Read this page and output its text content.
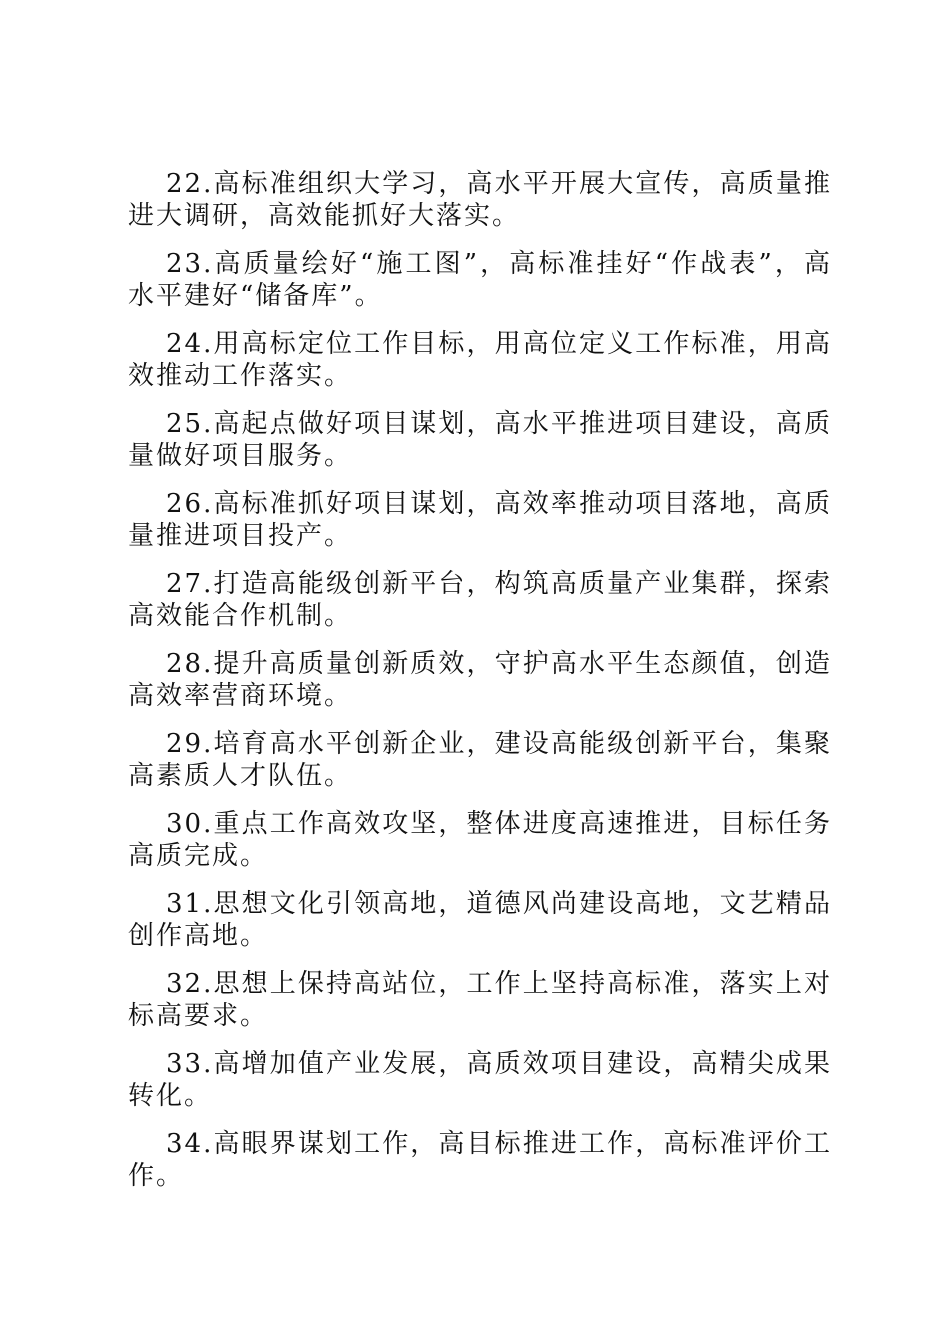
22.高标准组织大学习，高水平开展大宣传，高质量推进大调研，高效能抓好大落实。

23.高质量绘好“施工图”，高标准挂好“作战表”，高水平建好“储备库”。

24.用高标定位工作目标，用高位定义工作标准，用高效推动工作落实。

25.高起点做好项目谋划，高水平推进项目建设，高质量做好项目服务。

26.高标准抓好项目谋划，高效率推动项目落地，高质量推进项目投产。

27.打造高能级创新平台，构筑高质量产业集群，探索高效能合作机制。

28.提升高质量创新质效，守护高水平生态颜值，创造高效率营商环境。

29.培育高水平创新企业，建设高能级创新平台，集聚高素质人才队伍。

30.重点工作高效攻坚，整体进度高速推进，目标任务高质完成。

31.思想文化引领高地，道德风尚建设高地，文艺精品创作高地。

32.思想上保持高站位，工作上坚持高标准，落实上对标高要求。

33.高增加值产业发展，高质效项目建设，高精尖成果转化。

34.高眼界谋划工作，高目标推进工作，高标准评价工作。
